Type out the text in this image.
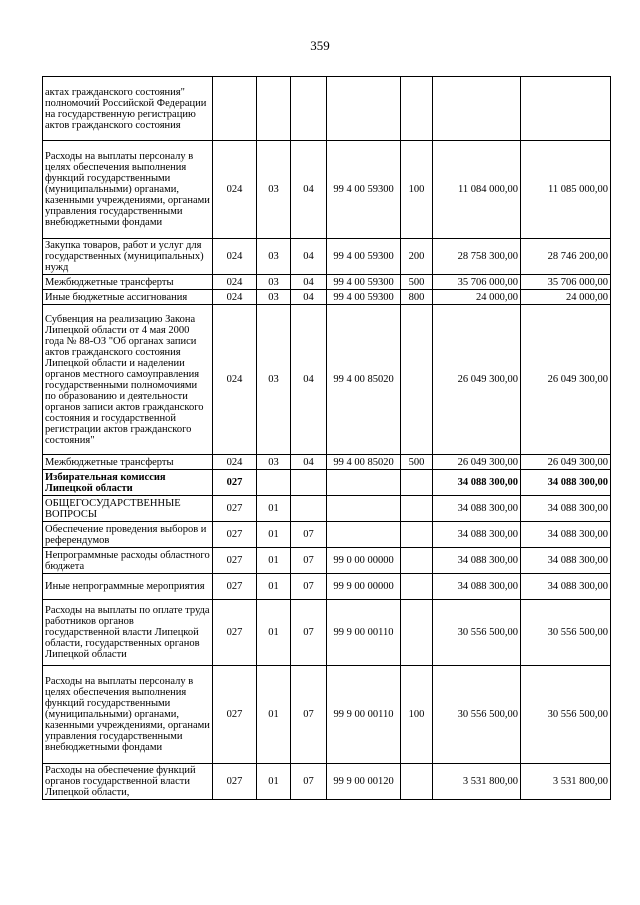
359
актах гражданского состояния" полномочий Российской Федерации на государственную регистрацию актов гражданского состояния							
Расходы на выплаты персоналу в целях обеспечения выполнения функций государственными (муниципальными) органами, казенными учреждениями, органами управления государственными внебюджетными фондами	024	03	04	99 4 00 59300	100	11 084 000,00	11 085 000,00
Закупка товаров, работ и услуг для государственных (муниципальных) нужд	024	03	04	99 4 00 59300	200	28 758 300,00	28 746 200,00
Межбюджетные трансферты	024	03	04	99 4 00 59300	500	35 706 000,00	35 706 000,00
Иные бюджетные ассигнования	024	03	04	99 4 00 59300	800	24 000,00	24 000,00
Субвенция на реализацию Закона Липецкой области от 4 мая 2000 года № 88-ОЗ "Об органах записи актов гражданского состояния Липецкой области и наделении органов местного самоуправления государственными полномочиями по образованию и деятельности органов записи актов гражданского состояния и государственной регистрации актов гражданского состояния"	024	03	04	99 4 00 85020		26 049 300,00	26 049 300,00
Межбюджетные трансферты	024	03	04	99 4 00 85020	500	26 049 300,00	26 049 300,00
Избирательная комиссия Липецкой области	027					34 088 300,00	34 088 300,00
ОБЩЕГОСУДАРСТВЕННЫЕ ВОПРОСЫ	027	01				34 088 300,00	34 088 300,00
Обеспечение проведения выборов и референдумов	027	01	07			34 088 300,00	34 088 300,00
Непрограммные расходы областного бюджета	027	01	07	99 0 00 00000		34 088 300,00	34 088 300,00
Иные непрограммные мероприятия	027	01	07	99 9 00 00000		34 088 300,00	34 088 300,00
Расходы на выплаты по оплате труда работников органов государственной власти Липецкой области, государственных органов Липецкой области	027	01	07	99 9 00 00110		30 556 500,00	30 556 500,00
Расходы на выплаты персоналу в целях обеспечения выполнения функций государственными (муниципальными) органами, казенными учреждениями, органами управления государственными внебюджетными фондами	027	01	07	99 9 00 00110	100	30 556 500,00	30 556 500,00
Расходы на обеспечение функций органов государственной власти Липецкой области,	027	01	07	99 9 00 00120		3 531 800,00	3 531 800,00
